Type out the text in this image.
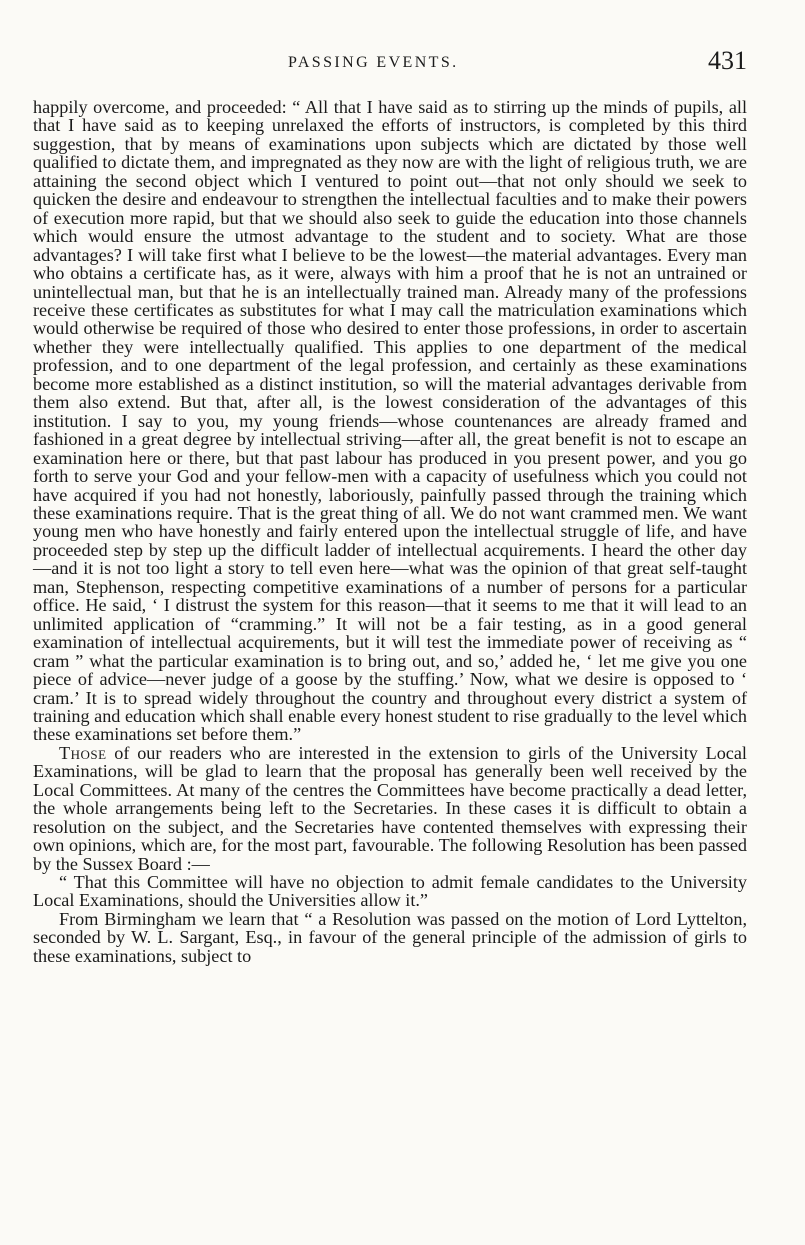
PASSING EVENTS.	431

happily overcome, and proceeded: “ All that I have said as to stirring up the minds of pupils, all that I have said as to keeping unrelaxed the efforts of instructors, is completed by this third suggestion, that by means of examinations upon subjects which are dictated by those well qualified to dictate them, and impregnated as they now are with the light of religious truth, we are attaining the second object which I ventured to point out—that not only should we seek to quicken the desire and endeavour to strengthen the intellectual faculties and to make their powers of execution more rapid, but that we should also seek to guide the education into those channels which would ensure the utmost advantage to the student and to society. What are those advantages? I will take first what I believe to be the lowest—the material advantages. Every man who obtains a certificate has, as it were, always with him a proof that he is not an untrained or unintellectual man, but that he is an intellectually trained man. Already many of the professions receive these certificates as substitutes for what I may call the matriculation examinations which would otherwise be required of those who desired to enter those professions, in order to ascertain whether they were intellectually qualified. This applies to one department of the medical profession, and to one department of the legal profession, and certainly as these examinations become more established as a distinct institution, so will the material advantages derivable from them also extend. But that, after all, is the lowest consideration of the advantages of this institution. I say to you, my young friends—whose countenances are already framed and fashioned in a great degree by intellectual striving—after all, the great benefit is not to escape an examination here or there, but that past labour has produced in you present power, and you go forth to serve your God and your fellow-men with a capacity of usefulness which you could not have acquired if you had not honestly, laboriously, painfully passed through the training which these examinations require. That is the great thing of all. We do not want crammed men. We want young men who have honestly and fairly entered upon the intellectual struggle of life, and have proceeded step by step up the difficult ladder of intellectual acquirements. I heard the other day —and it is not too light a story to tell even here—what was the opinion of that great self-taught man, Stephenson, respecting competitive examinations of a number of persons for a particular office. He said, ‘ I distrust the system for this reason—that it seems to me that it will lead to an unlimited application of “cramming.” It will not be a fair testing, as in a good general examination of intellectual acquirements, but it will test the immediate power of receiving as “ cram ” what the particular examination is to bring out, and so,’ added he, ‘ let me give you one piece of advice—never judge of a goose by the stuffing.’ Now, what we desire is opposed to ‘ cram.’ It is to spread widely throughout the country and throughout every district a system of training and education which shall enable every honest student to rise gradually to the level which these examinations set before them.”

Those of our readers who are interested in the extension to girls of the University Local Examinations, will be glad to learn that the proposal has generally been well received by the Local Committees. At many of the centres the Committees have become practically a dead letter, the whole arrangements being left to the Secretaries. In these cases it is difficult to obtain a resolution on the subject, and the Secretaries have contented themselves with expressing their own opinions, which are, for the most part, favourable. The following Resolution has been passed by the Sussex Board :—

“ That this Committee will have no objection to admit female candidates to the University Local Examinations, should the Universities allow it.”

From Birmingham we learn that “ a Resolution was passed on the motion of Lord Lyttelton, seconded by W. L. Sargant, Esq., in favour of the general principle of the admission of girls to these examinations, subject to
